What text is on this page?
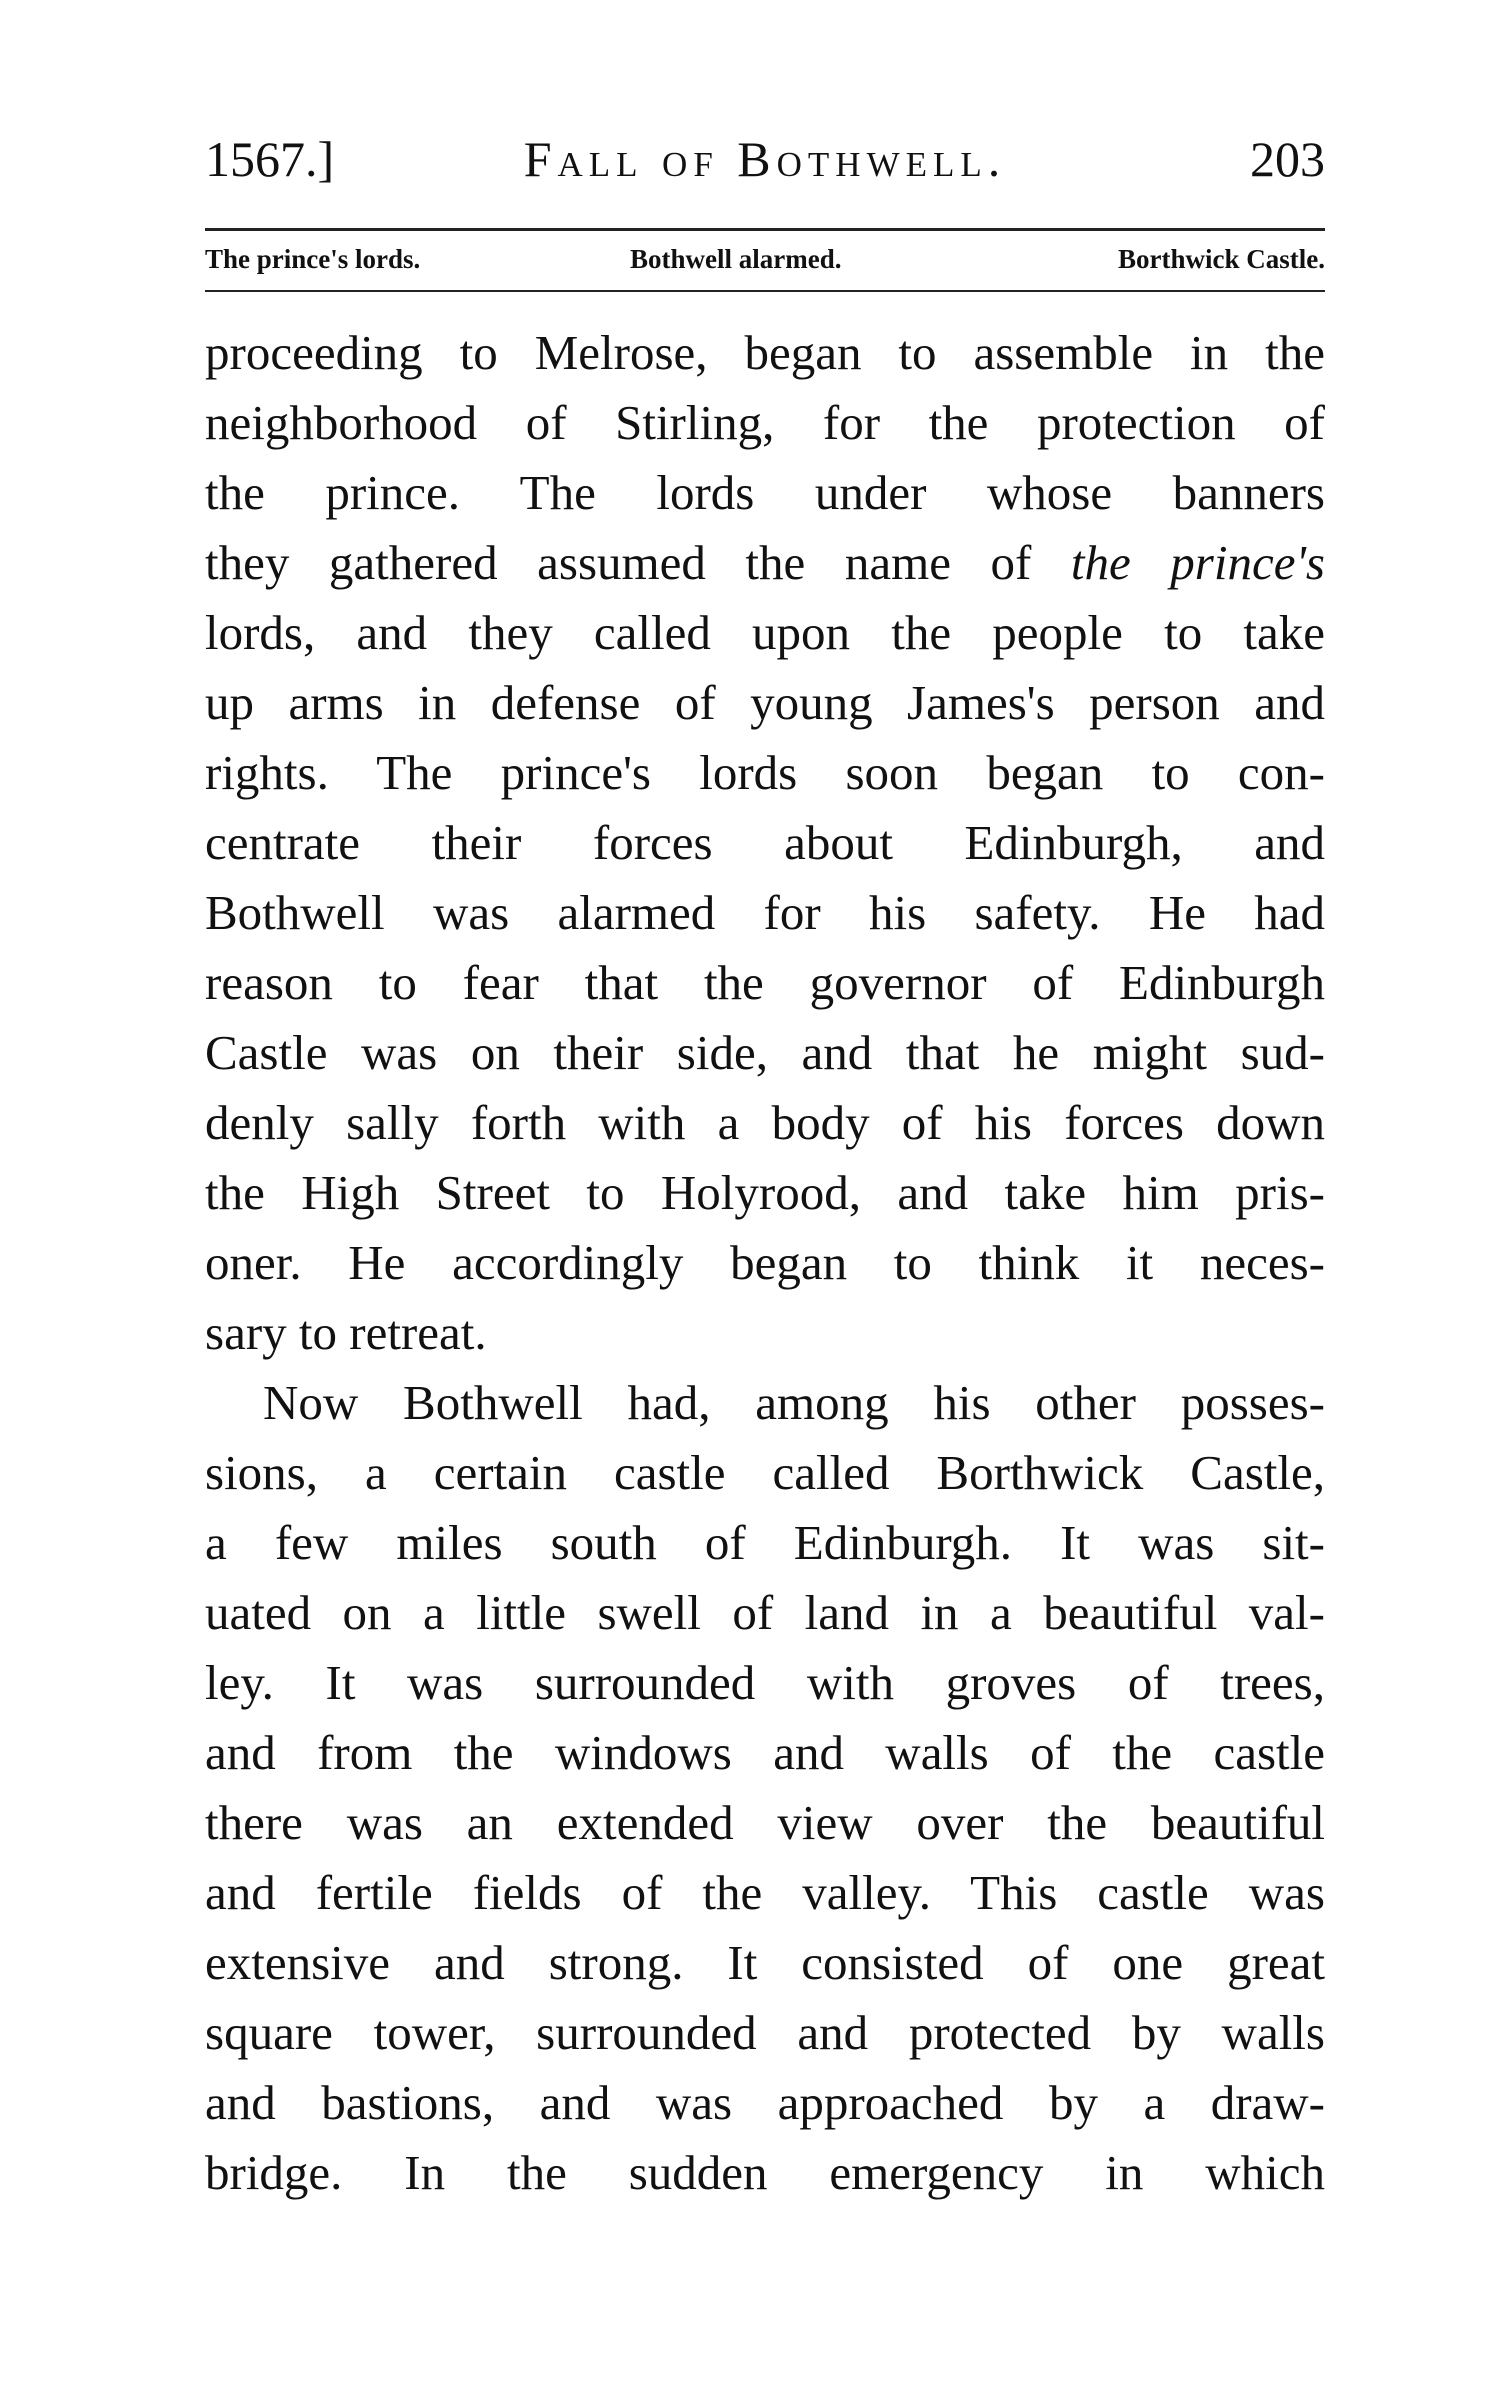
1567.]	Fall of Bothwell.	203
The prince's lords.	Bothwell alarmed.	Borthwick Castle.
proceeding to Melrose, began to assemble in the
neighborhood of Stirling, for the protection of
the prince. The lords under whose banners
they gathered assumed the name of the prince's
lords, and they called upon the people to take
up arms in defense of young James's person and
rights. The prince's lords soon began to con-
centrate their forces about Edinburgh, and
Bothwell was alarmed for his safety. He had
reason to fear that the governor of Edinburgh
Castle was on their side, and that he might sud-
denly sally forth with a body of his forces down
the High Street to Holyrood, and take him pris-
oner. He accordingly began to think it neces-
sary to retreat.
Now Bothwell had, among his other posses-
sions, a certain castle called Borthwick Castle,
a few miles south of Edinburgh. It was sit-
uated on a little swell of land in a beautiful val-
ley. It was surrounded with groves of trees,
and from the windows and walls of the castle
there was an extended view over the beautiful
and fertile fields of the valley. This castle was
extensive and strong. It consisted of one great
square tower, surrounded and protected by walls
and bastions, and was approached by a draw-
bridge. In the sudden emergency in which
